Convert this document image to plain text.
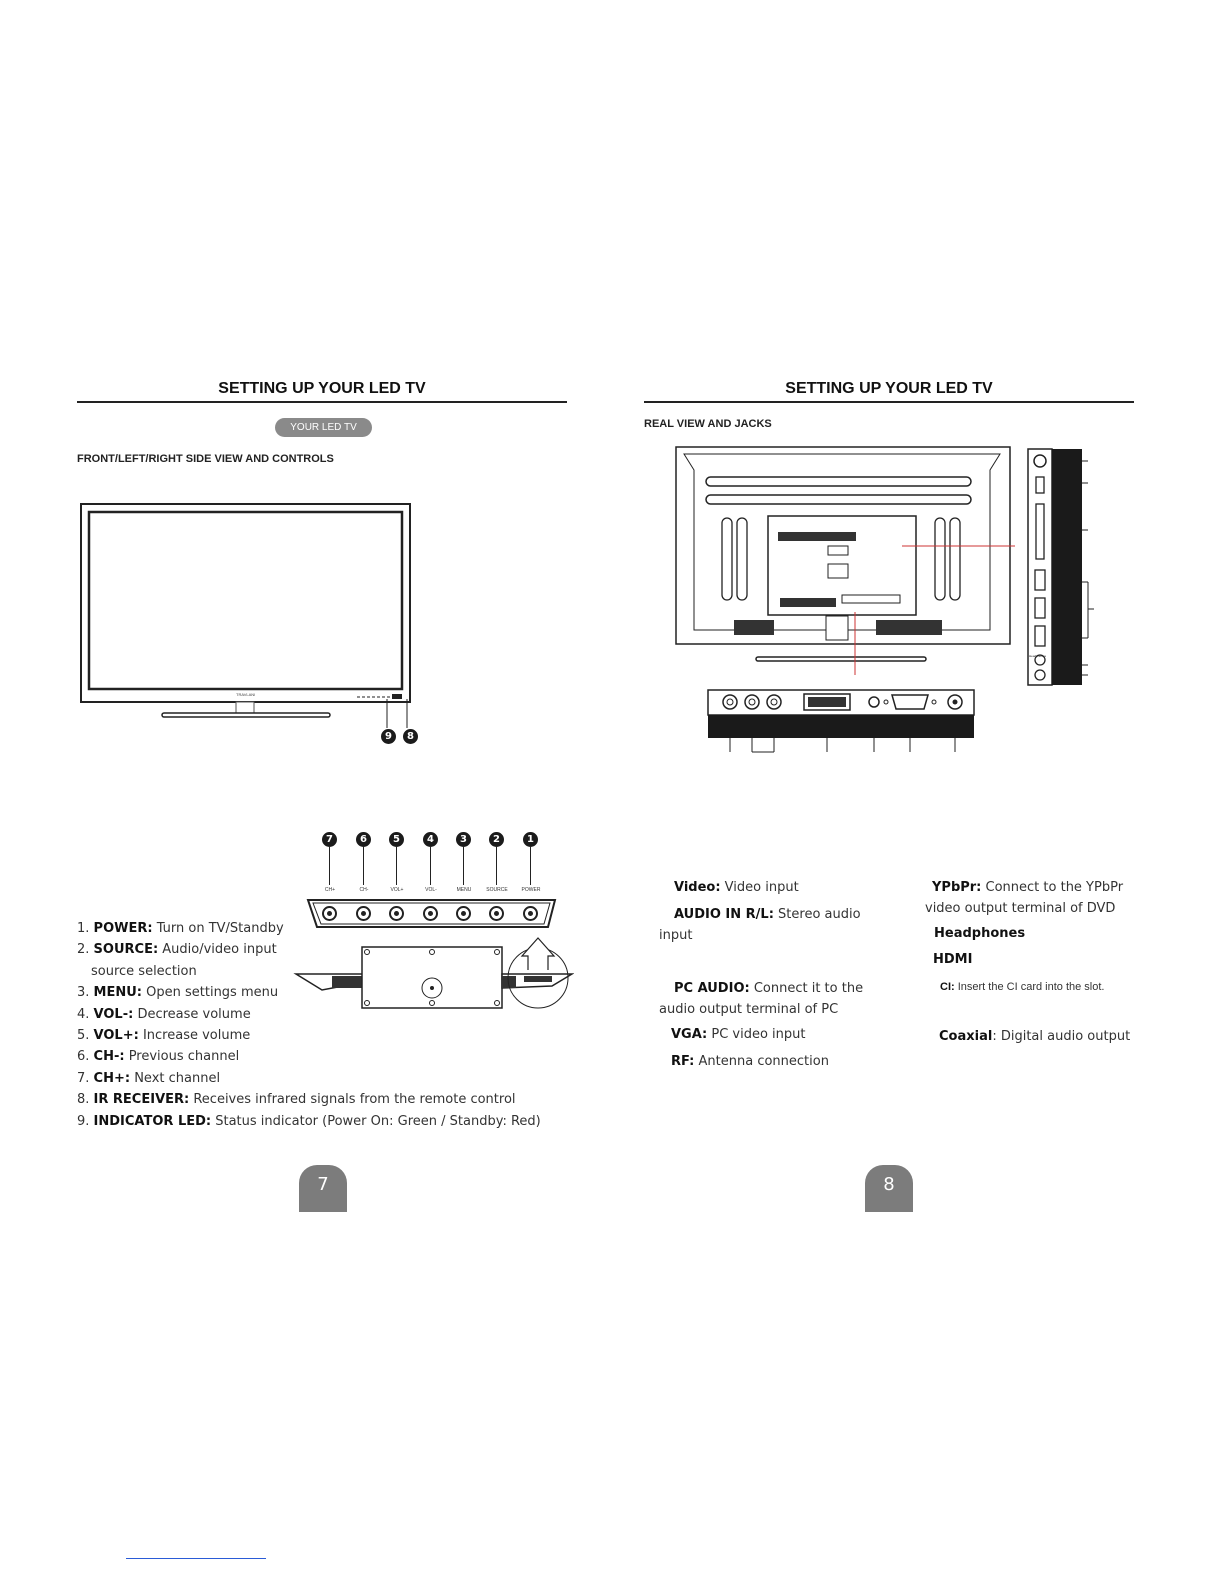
SETTING UP YOUR LED TV
YOUR LED TV
FRONT/LEFT/RIGHT SIDE VIEW AND CONTROLS
TRAVLANI
9	8
7	6	5	4	3	2	1
CH+	CH-	VOL+	VOL-	MENU	SOURCE	POWER
1. POWER: Turn on TV/Standby
2. SOURCE: Audio/video input
source selection
3. MENU: Open settings menu
4. VOL-: Decrease volume
5. VOL+: Increase volume
6. CH-: Previous channel
7. CH+: Next channel
8. IR RECEIVER: Receives infrared signals from the remote control
9. INDICATOR LED: Status indicator (Power On: Green / Standby: Red)
7
SETTING UP YOUR LED TV
REAL VIEW AND JACKS
Headphones
Video: Video input
AUDIO IN R/L: Stereo audio
input
PC AUDIO: Connect it to the
audio output terminal of PC
VGA: PC video input
RF: Antenna connection
YPbPr: Connect to the YPbPr
video output terminal of DVD
Headphones
HDMI
CI: Insert the CI card into the slot.
Coaxial: Digital audio output
8
